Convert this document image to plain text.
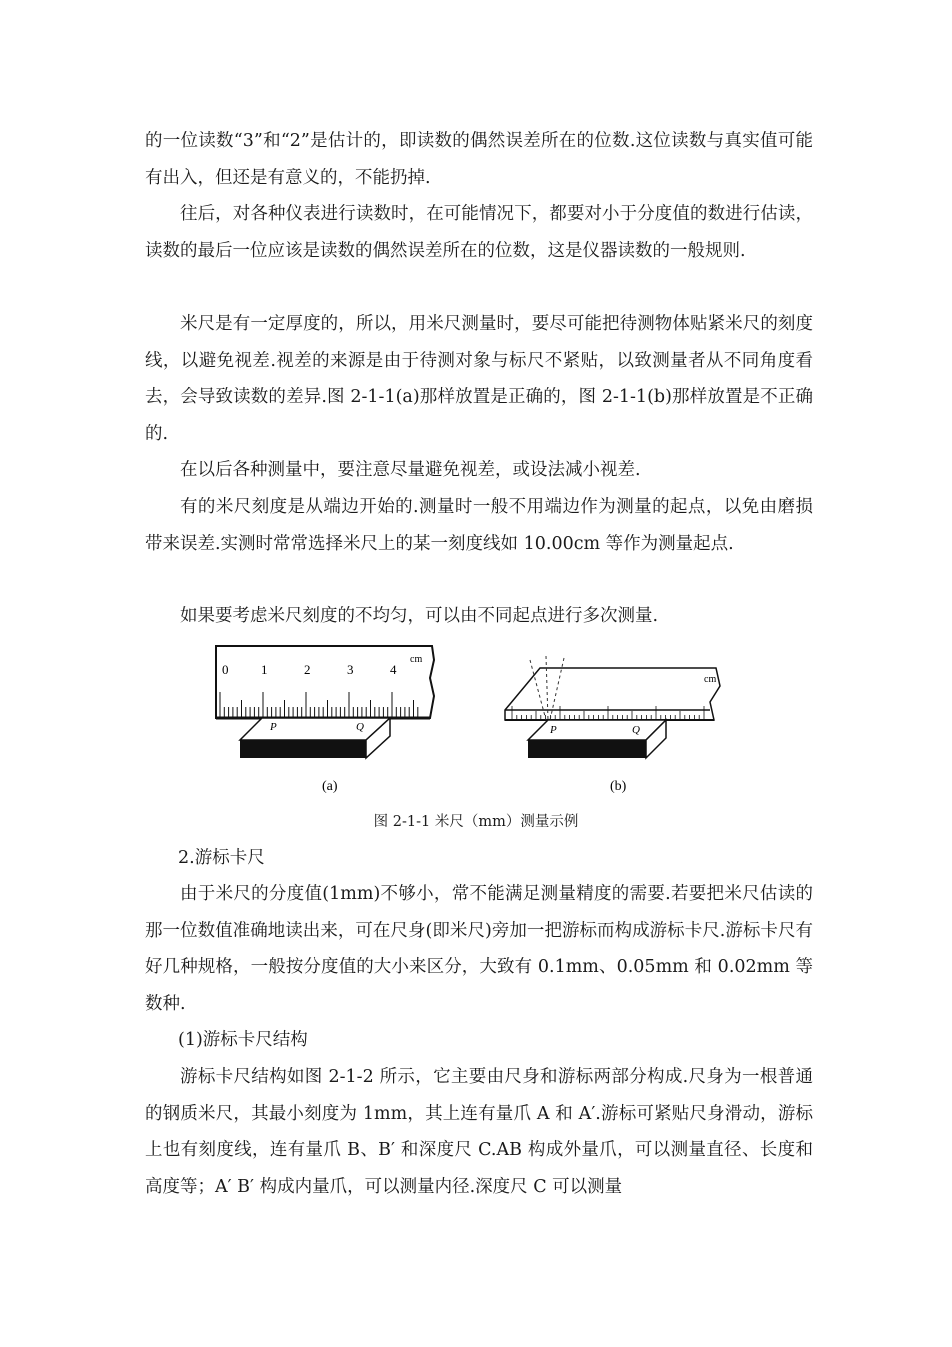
的一位读数“3”和“2”是估计的，即读数的偶然误差所在的位数.这位读数与真实值可能有出入，但还是有意义的，不能扔掉.

往后，对各种仪表进行读数时，在可能情况下，都要对小于分度值的数进行估读，读数的最后一位应该是读数的偶然误差所在的位数，这是仪器读数的一般规则.

米尺是有一定厚度的，所以，用米尺测量时，要尽可能把待测物体贴紧米尺的刻度线，以避免视差.视差的来源是由于待测对象与标尺不紧贴，以致测量者从不同角度看去，会导致读数的差异.图 2-1-1(a)那样放置是正确的，图 2-1-1(b)那样放置是不正确的.

在以后各种测量中，要注意尽量避免视差，或设法减小视差.

有的米尺刻度是从端边开始的.测量时一般不用端边作为测量的起点，以免由磨损带来误差.实测时常常选择米尺上的某一刻度线如 10.00cm 等作为测量起点.

如果要考虑米尺刻度的不均匀，可以由不同起点进行多次测量.

0	1	2	3	4
cm
P	Q
(a)
cm
P	Q
(b)
图 2-1-1 米尺（mm）测量示例
2.游标卡尺

由于米尺的分度值(1mm)不够小，常不能满足测量精度的需要.若要把米尺估读的那一位数值准确地读出来，可在尺身(即米尺)旁加一把游标而构成游标卡尺.游标卡尺有好几种规格，一般按分度值的大小来区分，大致有 0.1mm、0.05mm 和 0.02mm 等数种.

(1)游标卡尺结构

游标卡尺结构如图 2-1-2 所示，它主要由尺身和游标两部分构成.尺身为一根普通的钢质米尺，其最小刻度为 1mm，其上连有量爪 A 和 A′.游标可紧贴尺身滑动，游标上也有刻度线，连有量爪 B、B′ 和深度尺 C.AB 构成外量爪，可以测量直径、长度和高度等；A′ B′ 构成内量爪，可以测量内径.深度尺 C 可以测量
